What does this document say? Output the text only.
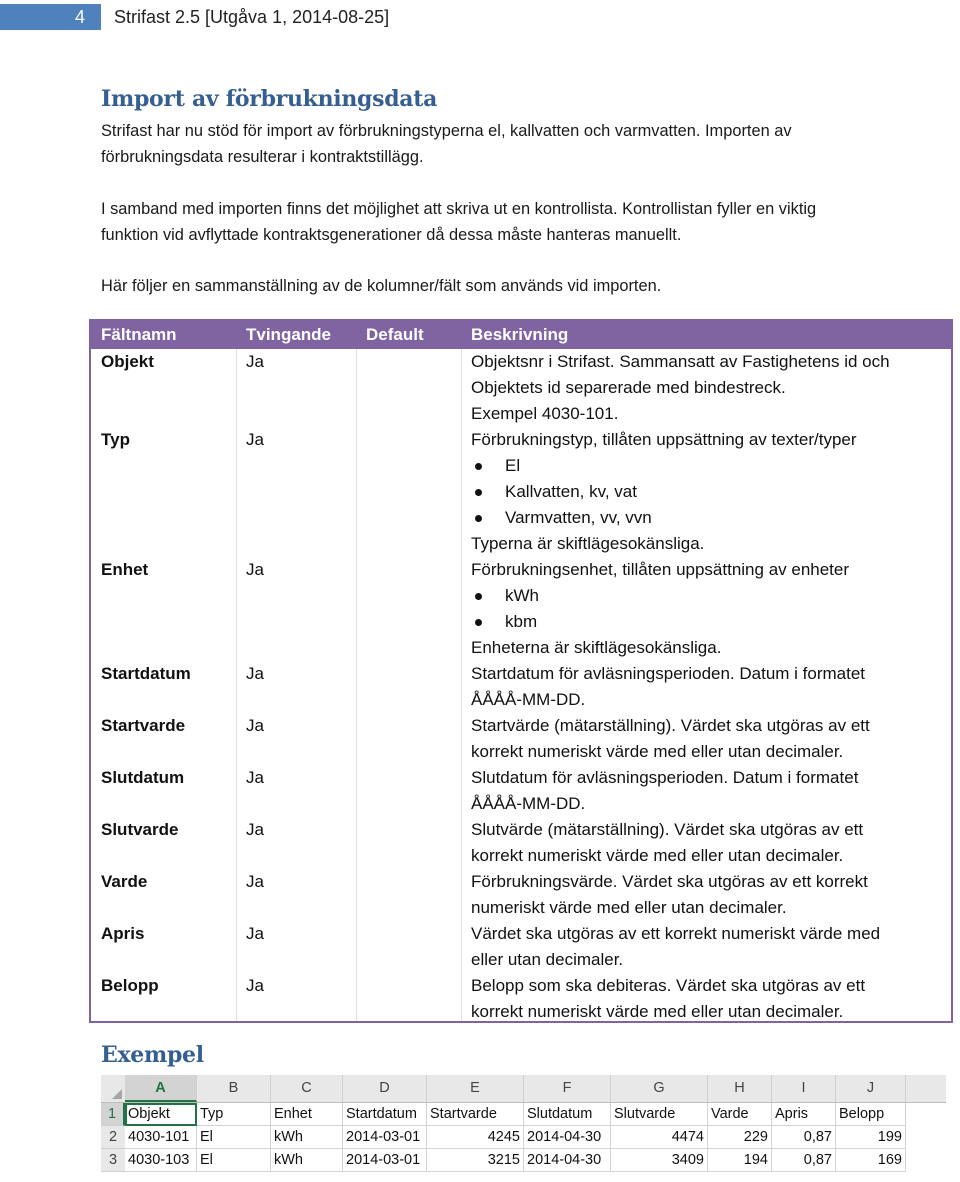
4	Strifast 2.5 [Utgåva 1, 2014-08-25]
Import av förbrukningsdata

Strifast har nu stöd för import av förbrukningstyperna el, kallvatten och varmvatten. Importen av

förbrukningsdata resulterar i kontraktstillägg.

I samband med importen finns det möjlighet att skriva ut en kontrollista. Kontrollistan fyller en viktig

funktion vid avflyttade kontraktsgenerationer då dessa måste hanteras manuellt.

Här följer en sammanställning av de kolumner/fält som används vid importen.

Fältnamn	Tvingande Default	Beskrivning
Objekt	Ja	Objektsnr i Strifast. Sammansatt av Fastighetens id och
Objektets id separerade med bindestreck.
Exempel 4030-101.
Typ	Ja	Förbrukningstyp, tillåten uppsättning av texter/typer
El
Kallvatten, kv, vat
Varmvatten, vv, vvn
Typerna är skiftlägesokänsliga.
Enhet	Ja	Förbrukningsenhet, tillåten uppsättning av enheter
kWh
kbm
Enheterna är skiftlägesokänsliga.
Startdatum	Ja	Startdatum för avläsningsperioden. Datum i formatet
ÅÅÅÅ-MM-DD.
Startvarde	Ja	Startvärde (mätarställning). Värdet ska utgöras av ett
korrekt numeriskt värde med eller utan decimaler.
Slutdatum	Ja	Slutdatum för avläsningsperioden. Datum i formatet
ÅÅÅÅ-MM-DD.
Slutvarde	Ja	Slutvärde (mätarställning). Värdet ska utgöras av ett
korrekt numeriskt värde med eller utan decimaler.
Varde	Ja	Förbrukningsvärde. Värdet ska utgöras av ett korrekt
numeriskt värde med eller utan decimaler.
Apris	Ja	Värdet ska utgöras av ett korrekt numeriskt värde med
eller utan decimaler.
Belopp	Ja	Belopp som ska debiteras. Värdet ska utgöras av ett
korrekt numeriskt värde med eller utan decimaler.
Exempel
A	B	C	D	E	F	G	H	I	J
1 Objekt	Typ	Enhet	Startdatum Startvarde	Slutdatum	Slutvarde	Varde	Apris	Belopp
2 4030-101 El	kWh	2014-03-01	4245 2014-04-30	4474	229	0,87	199
3 4030-103 El	kWh	2014-03-01	3215 2014-04-30	3409	194	0,87	169
